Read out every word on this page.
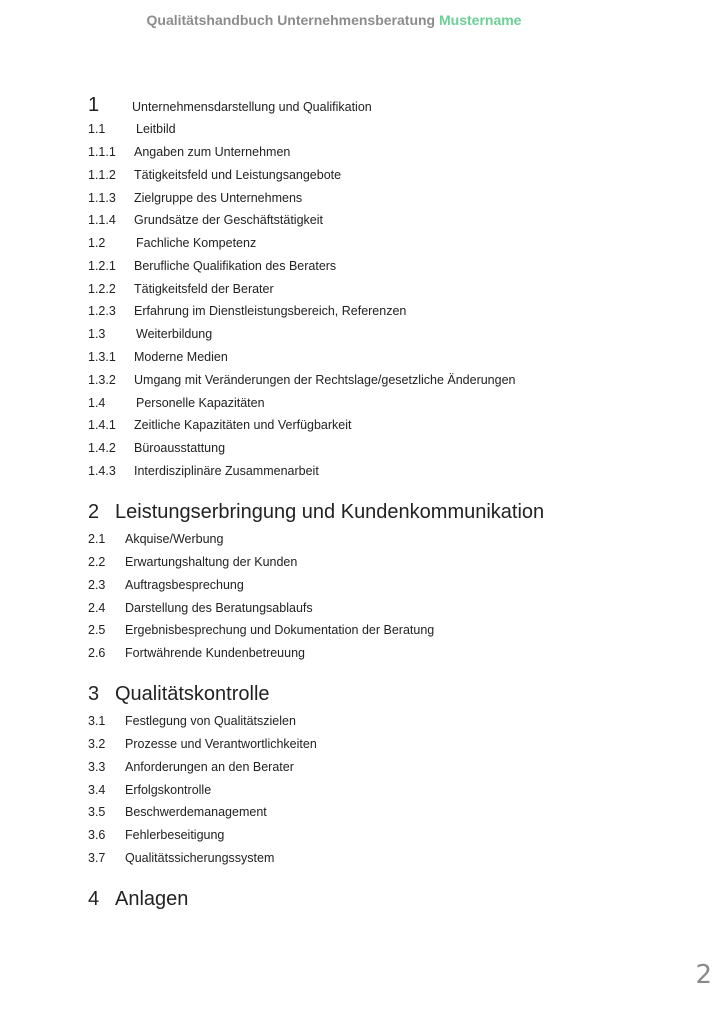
Qualitätshandbuch Unternehmensberatung Mustername
1	Unternehmensdarstellung und Qualifikation
1.1 Leitbild
1.1.1 Angaben zum Unternehmen
1.1.2 Tätigkeitsfeld und Leistungsangebote
1.1.3 Zielgruppe des Unternehmens
1.1.4 Grundsätze der Geschäftstätigkeit
1.2 Fachliche Kompetenz
1.2.1 Berufliche Qualifikation des Beraters
1.2.2 Tätigkeitsfeld der Berater
1.2.3 Erfahrung im Dienstleistungsbereich, Referenzen
1.3 Weiterbildung
1.3.1 Moderne Medien
1.3.2 Umgang mit Veränderungen der Rechtslage/gesetzliche Änderungen
1.4 Personelle Kapazitäten
1.4.1 Zeitliche Kapazitäten und Verfügbarkeit
1.4.2 Büroausstattung
1.4.3 Interdisziplinäre Zusammenarbeit
2 Leistungserbringung und Kundenkommunikation
2.1 Akquise/Werbung
2.2 Erwartungshaltung der Kunden
2.3 Auftragsbesprechung
2.4 Darstellung des Beratungsablaufs
2.5 Ergebnisbesprechung und Dokumentation der Beratung
2.6 Fortwährende Kundenbetreuung
3 Qualitätskontrolle
3.1 Festlegung von Qualitätszielen
3.2 Prozesse und Verantwortlichkeiten
3.3 Anforderungen an den Berater
3.4 Erfolgskontrolle
3.5 Beschwerdemanagement
3.6 Fehlerbeseitigung
3.7 Qualitätssicherungssystem
4 Anlagen
2
